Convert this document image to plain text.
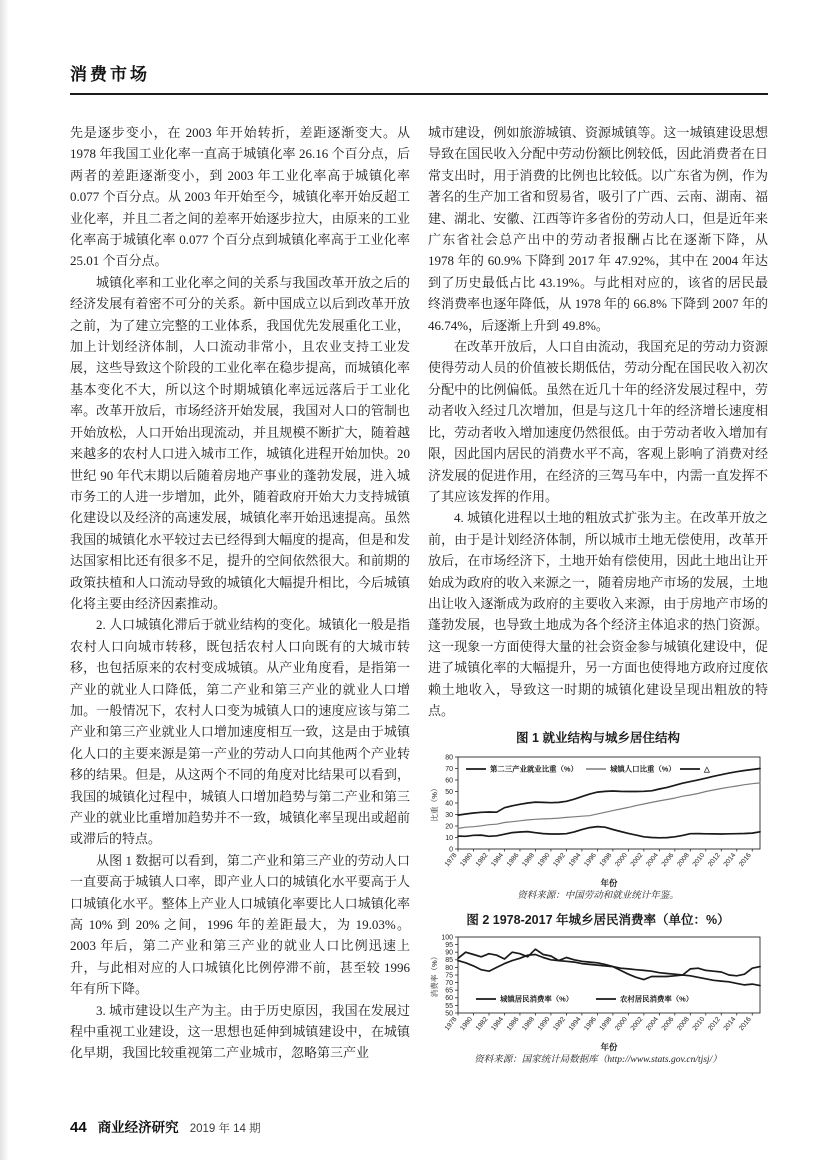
消费市场

先是逐步变小，在 2003 年开始转折，差距逐渐变大。从 1978 年我国工业化率一直高于城镇化率 26.16 个百分点，后两者的差距逐渐变小，到 2003 年工业化率高于城镇化率 0.077 个百分点。从 2003 年开始至今，城镇化率开始反超工业化率，并且二者之间的差率开始逐步拉大，由原来的工业化率高于城镇化率 0.077 个百分点到城镇化率高于工业化率 25.01 个百分点。

城镇化率和工业化率之间的关系与我国改革开放之后的经济发展有着密不可分的关系。新中国成立以后到改革开放之前，为了建立完整的工业体系，我国优先发展重化工业，加上计划经济体制，人口流动非常小，且农业支持工业发展，这些导致这个阶段的工业化率在稳步提高，而城镇化率基本变化不大，所以这个时期城镇化率远远落后于工业化率。改革开放后，市场经济开始发展，我国对人口的管制也开始放松，人口开始出现流动，并且规模不断扩大，随着越来越多的农村人口进入城市工作，城镇化进程开始加快。20 世纪 90 年代末期以后随着房地产事业的蓬勃发展，进入城市务工的人进一步增加，此外，随着政府开始大力支持城镇化建设以及经济的高速发展，城镇化率开始迅速提高。虽然我国的城镇化水平较过去已经得到大幅度的提高，但是和发达国家相比还有很多不足，提升的空间依然很大。和前期的政策扶植和人口流动导致的城镇化大幅提升相比，今后城镇化将主要由经济因素推动。

2. 人口城镇化滞后于就业结构的变化。城镇化一般是指农村人口向城市转移，既包括农村人口向既有的大城市转移，也包括原来的农村变成城镇。从产业角度看，是指第一产业的就业人口降低，第二产业和第三产业的就业人口增加。一般情况下，农村人口变为城镇人口的速度应该与第二产业和第三产业就业人口增加速度相互一致，这是由于城镇化人口的主要来源是第一产业的劳动人口向其他两个产业转移的结果。但是，从这两个不同的角度对比结果可以看到，我国的城镇化过程中，城镇人口增加趋势与第二产业和第三产业的就业比重增加趋势并不一致，城镇化率呈现出或超前或滞后的特点。

从图 1 数据可以看到，第二产业和第三产业的劳动人口一直要高于城镇人口率，即产业人口的城镇化水平要高于人口城镇化水平。整体上产业人口城镇化率要比人口城镇化率高 10% 到 20% 之间，1996 年的差距最大，为 19.03%。2003 年后，第二产业和第三产业的就业人口比例迅速上升，与此相对应的人口城镇化比例停滞不前，甚至较 1996 年有所下降。

3. 城市建设以生产为主。由于历史原因，我国在发展过程中重视工业建设，这一思想也延伸到城镇建设中，在城镇化早期，我国比较重视第二产业城市，忽略第三产业

城市建设，例如旅游城镇、资源城镇等。这一城镇建设思想导致在国民收入分配中劳动份额比例较低，因此消费者在日常支出时，用于消费的比例也比较低。以广东省为例，作为著名的生产加工省和贸易省，吸引了广西、云南、湖南、福建、湖北、安徽、江西等许多省份的劳动人口，但是近年来广东省社会总产出中的劳动者报酬占比在逐渐下降，从 1978 年的 60.9% 下降到 2017 年 47.92%，其中在 2004 年达到了历史最低占比 43.19%。与此相对应的，该省的居民最终消费率也逐年降低，从 1978 年的 66.8% 下降到 2007 年的 46.74%，后逐渐上升到 49.8%。

在改革开放后，人口自由流动，我国充足的劳动力资源使得劳动人员的价值被长期低估，劳动分配在国民收入初次分配中的比例偏低。虽然在近几十年的经济发展过程中，劳动者收入经过几次增加，但是与这几十年的经济增长速度相比，劳动者收入增加速度仍然很低。由于劳动者收入增加有限，因此国内居民的消费水平不高，客观上影响了消费对经济发展的促进作用，在经济的三驾马车中，内需一直发挥不了其应该发挥的作用。

4. 城镇化进程以土地的粗放式扩张为主。在改革开放之前，由于是计划经济体制，所以城市土地无偿使用，改革开放后，在市场经济下，土地开始有偿使用，因此土地出让开始成为政府的收入来源之一，随着房地产市场的发展，土地出让收入逐渐成为政府的主要收入来源，由于房地产市场的蓬勃发展，也导致土地成为各个经济主体追求的热门资源。这一现象一方面使得大量的社会资金参与城镇化建设中，促进了城镇化率的大幅提升，另一方面也使得地方政府过度依赖土地收入，导致这一时期的城镇化建设呈现出粗放的特点。

图 1 就业结构与城乡居住结构
0
10
20
30
40
50
60
70
80
1978 1980 1982 1984 1986 1988 1990 1992 1994 1996 1998 2000 2002 2004 2006 2008 2010 2012 2014 2016
第二三产业就业比重（%）	城镇人口比重（%）	△
比重（%）
年份
资料来源：中国劳动和就业统计年鉴。
图 2 1978-2017 年城乡居民消费率（单位：%）
50
55
60
65
70
75
80
85
90
95
100
1978 1980 1982 1984 1986 1988 1990 1992 1994 1996 1998 2000 2002 2004 2006 2008 2010 2012 2014 2016
城镇居民消费率（%）	农村居民消费率（%）
消费率（%）
年份
资料来源：国家统计局数据库（http://www.stats.gov.cn/tjsj/）
44 商业经济研究 2019 年 14 期
